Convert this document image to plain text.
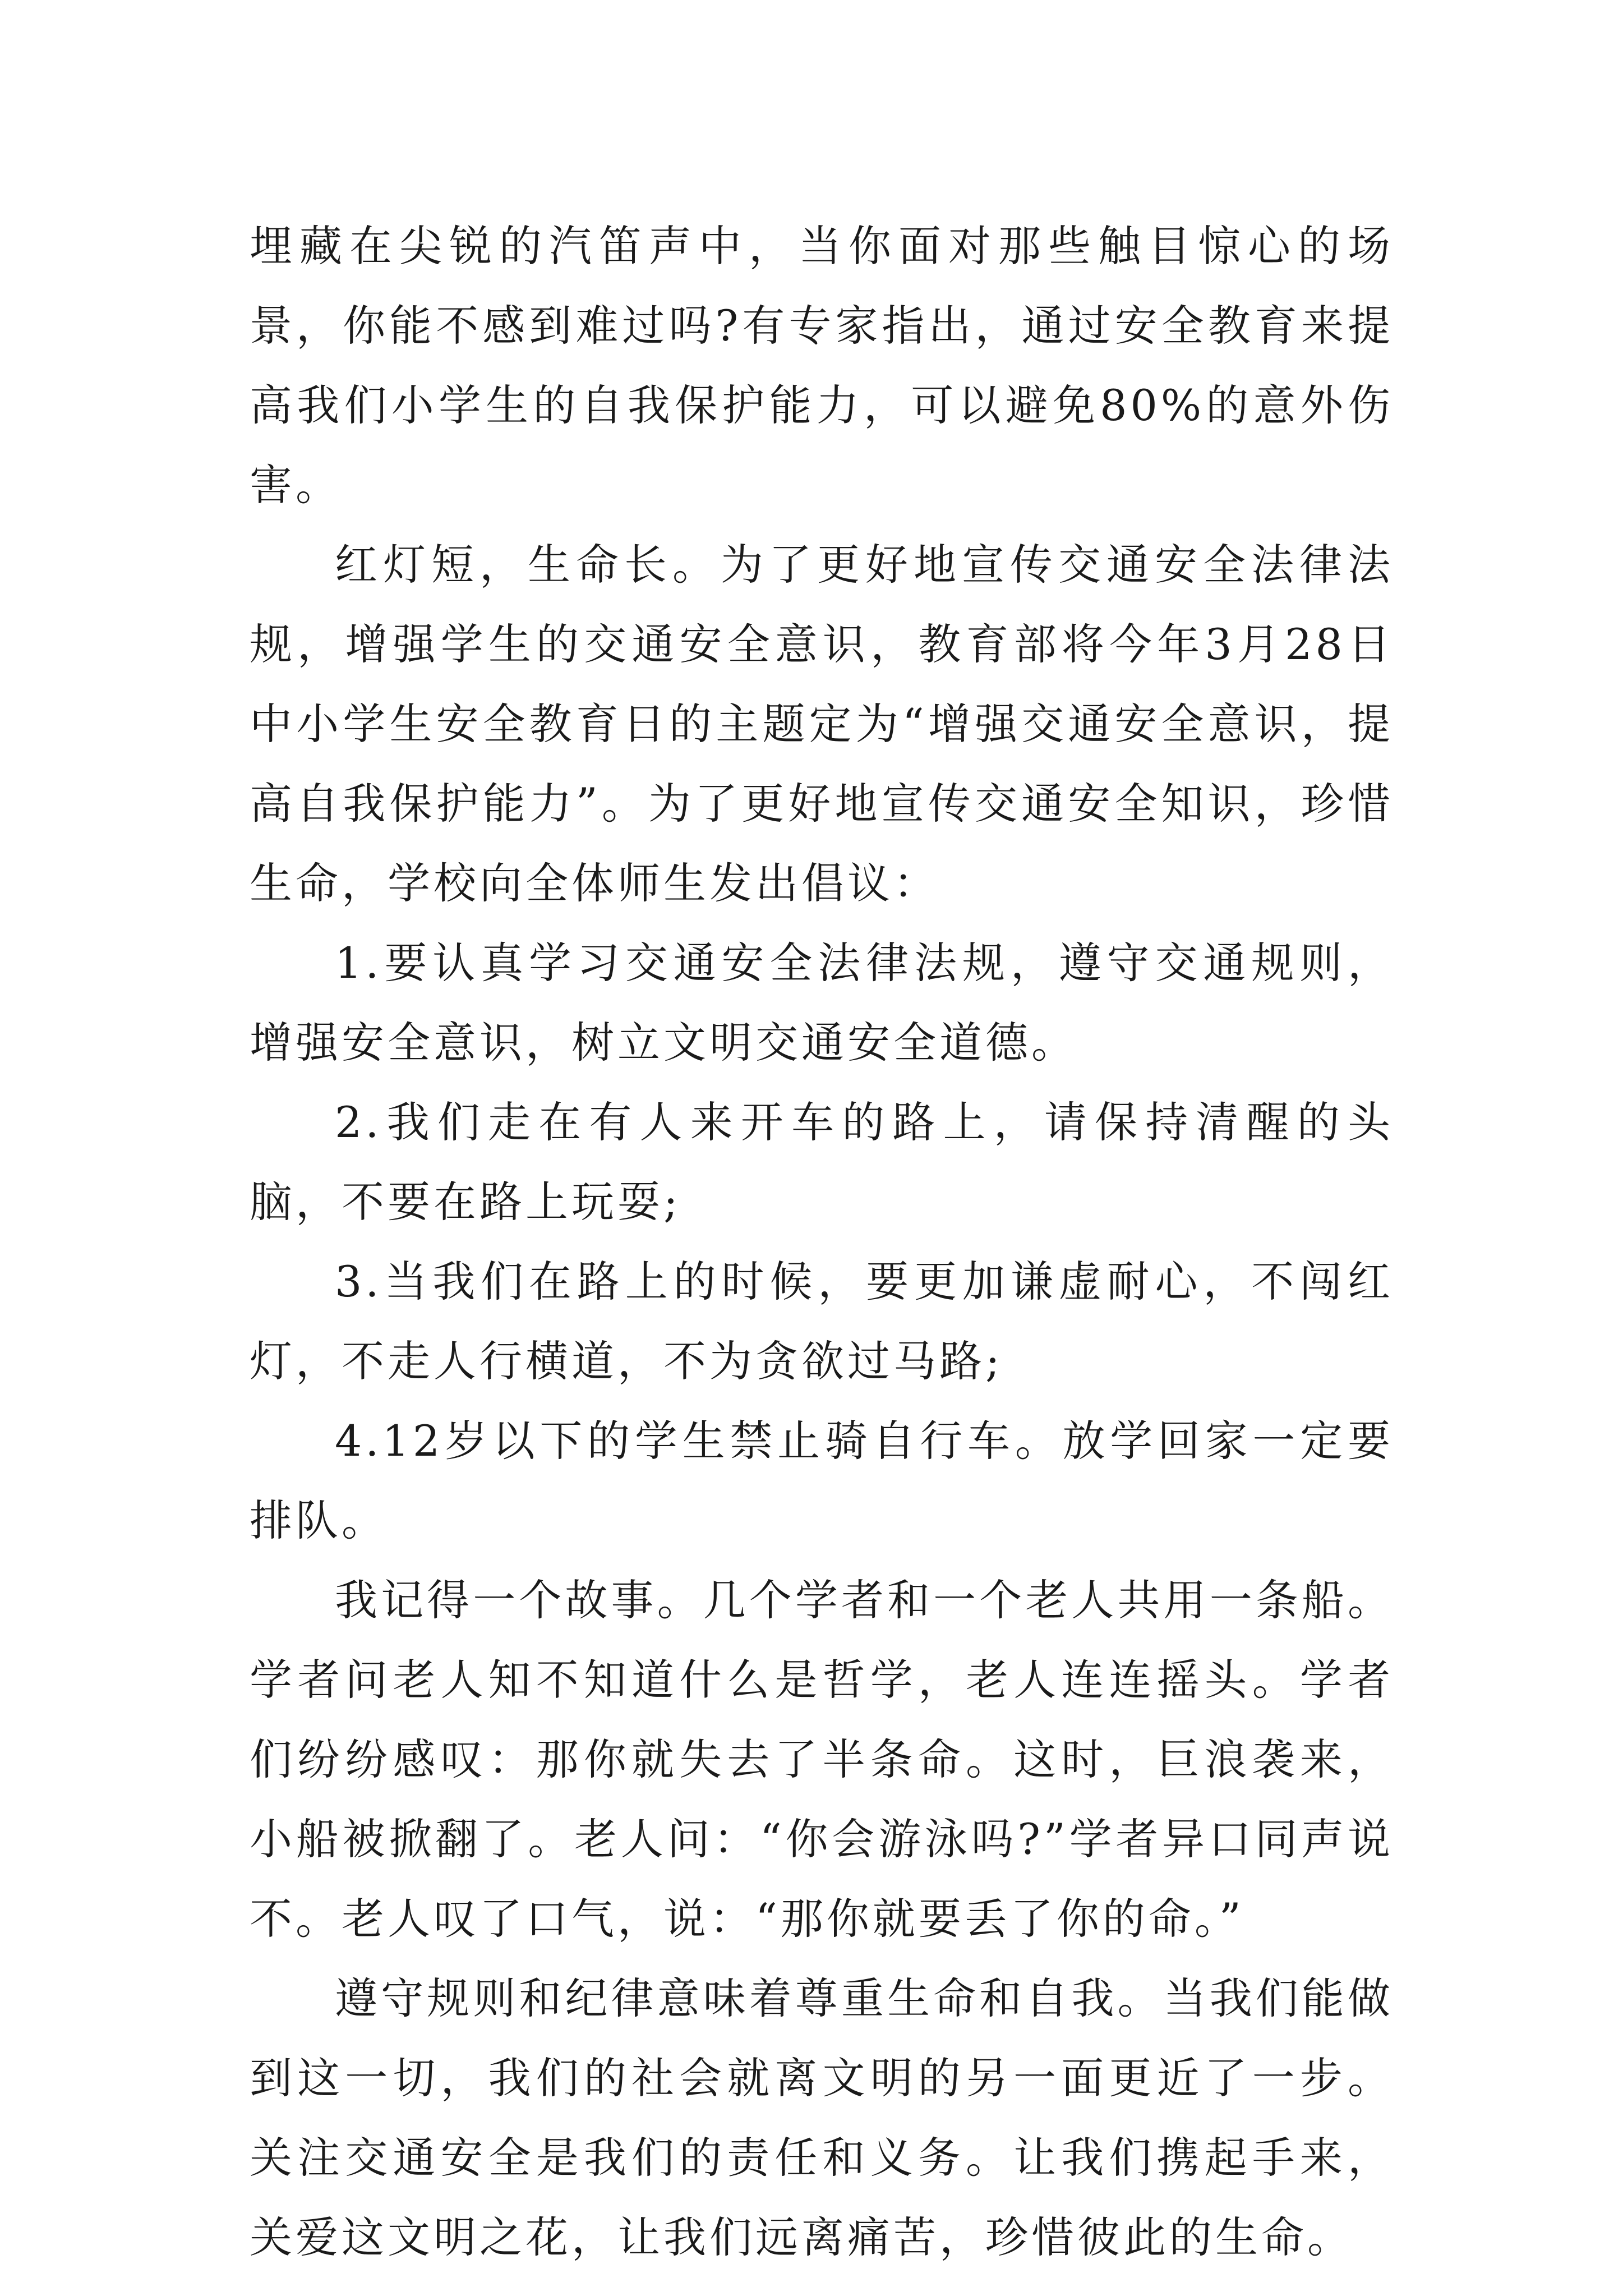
埋藏在尖锐的汽笛声中，当你面对那些触目惊心的场景，你能不感到难过吗?有专家指出，通过安全教育来提高我们小学生的自我保护能力，可以避免80%的意外伤害。

红灯短，生命长。为了更好地宣传交通安全法律法规，增强学生的交通安全意识，教育部将今年3月28日中小学生安全教育日的主题定为“增强交通安全意识，提高自我保护能力”。为了更好地宣传交通安全知识，珍惜生命，学校向全体师生发出倡议：

1.要认真学习交通安全法律法规，遵守交通规则，增强安全意识，树立文明交通安全道德。

2.我们走在有人来开车的路上，请保持清醒的头脑，不要在路上玩耍;

3.当我们在路上的时候，要更加谦虚耐心，不闯红灯，不走人行横道，不为贪欲过马路;

4.12岁以下的学生禁止骑自行车。放学回家一定要排队。

我记得一个故事。几个学者和一个老人共用一条船。学者问老人知不知道什么是哲学，老人连连摇头。学者们纷纷感叹：那你就失去了半条命。这时，巨浪袭来，小船被掀翻了。老人问：“你会游泳吗?”学者异口同声说不。老人叹了口气，说：“那你就要丢了你的命。”

遵守规则和纪律意味着尊重生命和自我。当我们能做到这一切，我们的社会就离文明的另一面更近了一步。关注交通安全是我们的责任和义务。让我们携起手来，关爱这文明之花，让我们远离痛苦，珍惜彼此的生命。
